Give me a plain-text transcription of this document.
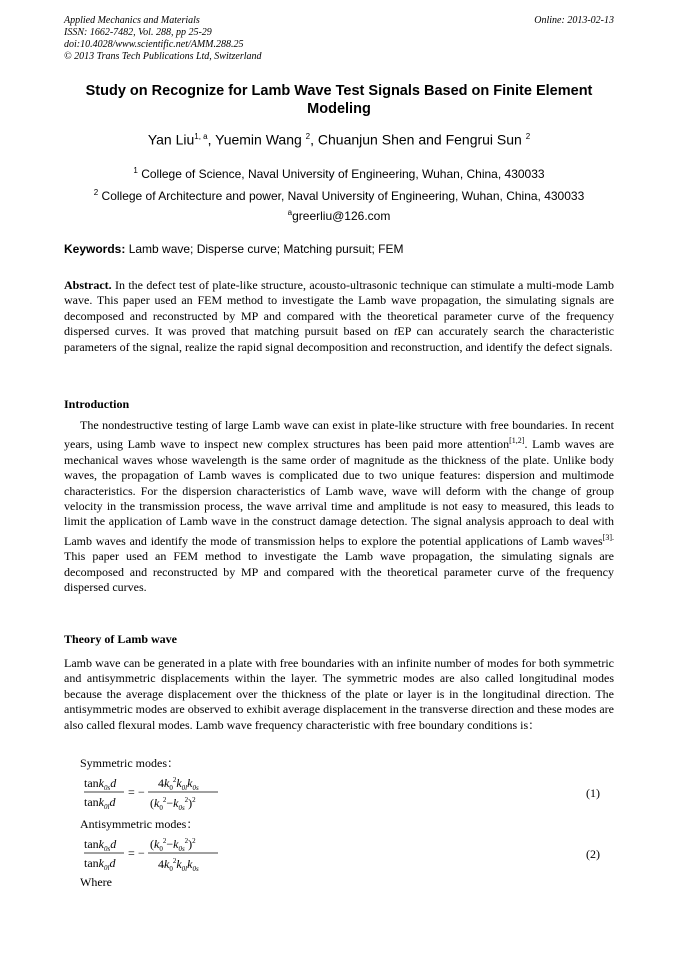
Applied Mechanics and Materials
ISSN: 1662-7482, Vol. 288, pp 25-29
doi:10.4028/www.scientific.net/AMM.288.25
© 2013 Trans Tech Publications Ltd, Switzerland
Online: 2013-02-13
Study on Recognize for Lamb Wave Test Signals Based on Finite Element Modeling
Yan Liu$^{1, a}$, Yuemin Wang $^2$, Chuanjun Shen and Fengrui Sun $^2$
$^1$ College of Science, Naval University of Engineering, Wuhan, China, 430033
$^2$ College of Architecture and power, Naval University of Engineering, Wuhan, China, 430033
$^a$greerliu@126.com
Keywords: Lamb wave; Disperse curve; Matching pursuit; FEM
Abstract. In the defect test of plate-like structure, acousto-ultrasonic technique can stimulate a multi-mode Lamb wave. This paper used an FEM method to investigate the Lamb wave propagation, the simulating signals are decomposed and reconstructed by MP and compared with the theoretical parameter curve of the frequency dispersed curves. It was proved that matching pursuit based on tEP can accurately search the characteristic parameters of the signal, realize the rapid signal decomposition and reconstruction, and identify the defect signals.
Introduction
The nondestructive testing of large Lamb wave can exist in plate-like structure with free boundaries. In recent years, using Lamb wave to inspect new complex structures has been paid more attention[1,2]. Lamb waves are mechanical waves whose wavelength is the same order of magnitude as the thickness of the plate. Unlike body waves, the propagation of Lamb waves is complicated due to two unique features: dispersion and multimode characteristics. For the dispersion characteristics of Lamb wave, wave will deform with the change of group velocity in the transmission process, the wave arrival time and amplitude is not easy to measured, this leads to limit the application of Lamb wave in the construct damage detection. The signal analysis approach to deal with Lamb waves and identify the mode of transmission helps to explore the potential applications of Lamb waves$^{[3].}$ This paper used an FEM method to investigate the Lamb wave propagation, the simulating signals are decomposed and reconstructed by MP and compared with the theoretical parameter curve of the frequency dispersed curves.
Theory of Lamb wave
Lamb wave can be generated in a plate with free boundaries with an infinite number of modes for both symmetric and antisymmetric displacements within the layer. The symmetric modes are also called longitudinal modes because the average displacement over the thickness of the plate or layer is in the longitudinal direction. The antisymmetric modes are observed to exhibit average displacement in the transverse direction and these modes are also called flexural modes. Lamb wave frequency characteristic with free boundary conditions is：
Symmetric modes：
tank$_{0s}$d
tank$_{0l}$d
= −
$4k_0^2k_{0l}k_{0s}$
$(k_0^2-k_{0s}^2)^2$	(1)
Antisymmetric modes：
tank$_{0s}$d
tank$_{0l}$d
= −
$(k_0^2-k_{0s}^2)^2$
$4k_0^2k_{0l}k_{0s}$
(2)
Where
